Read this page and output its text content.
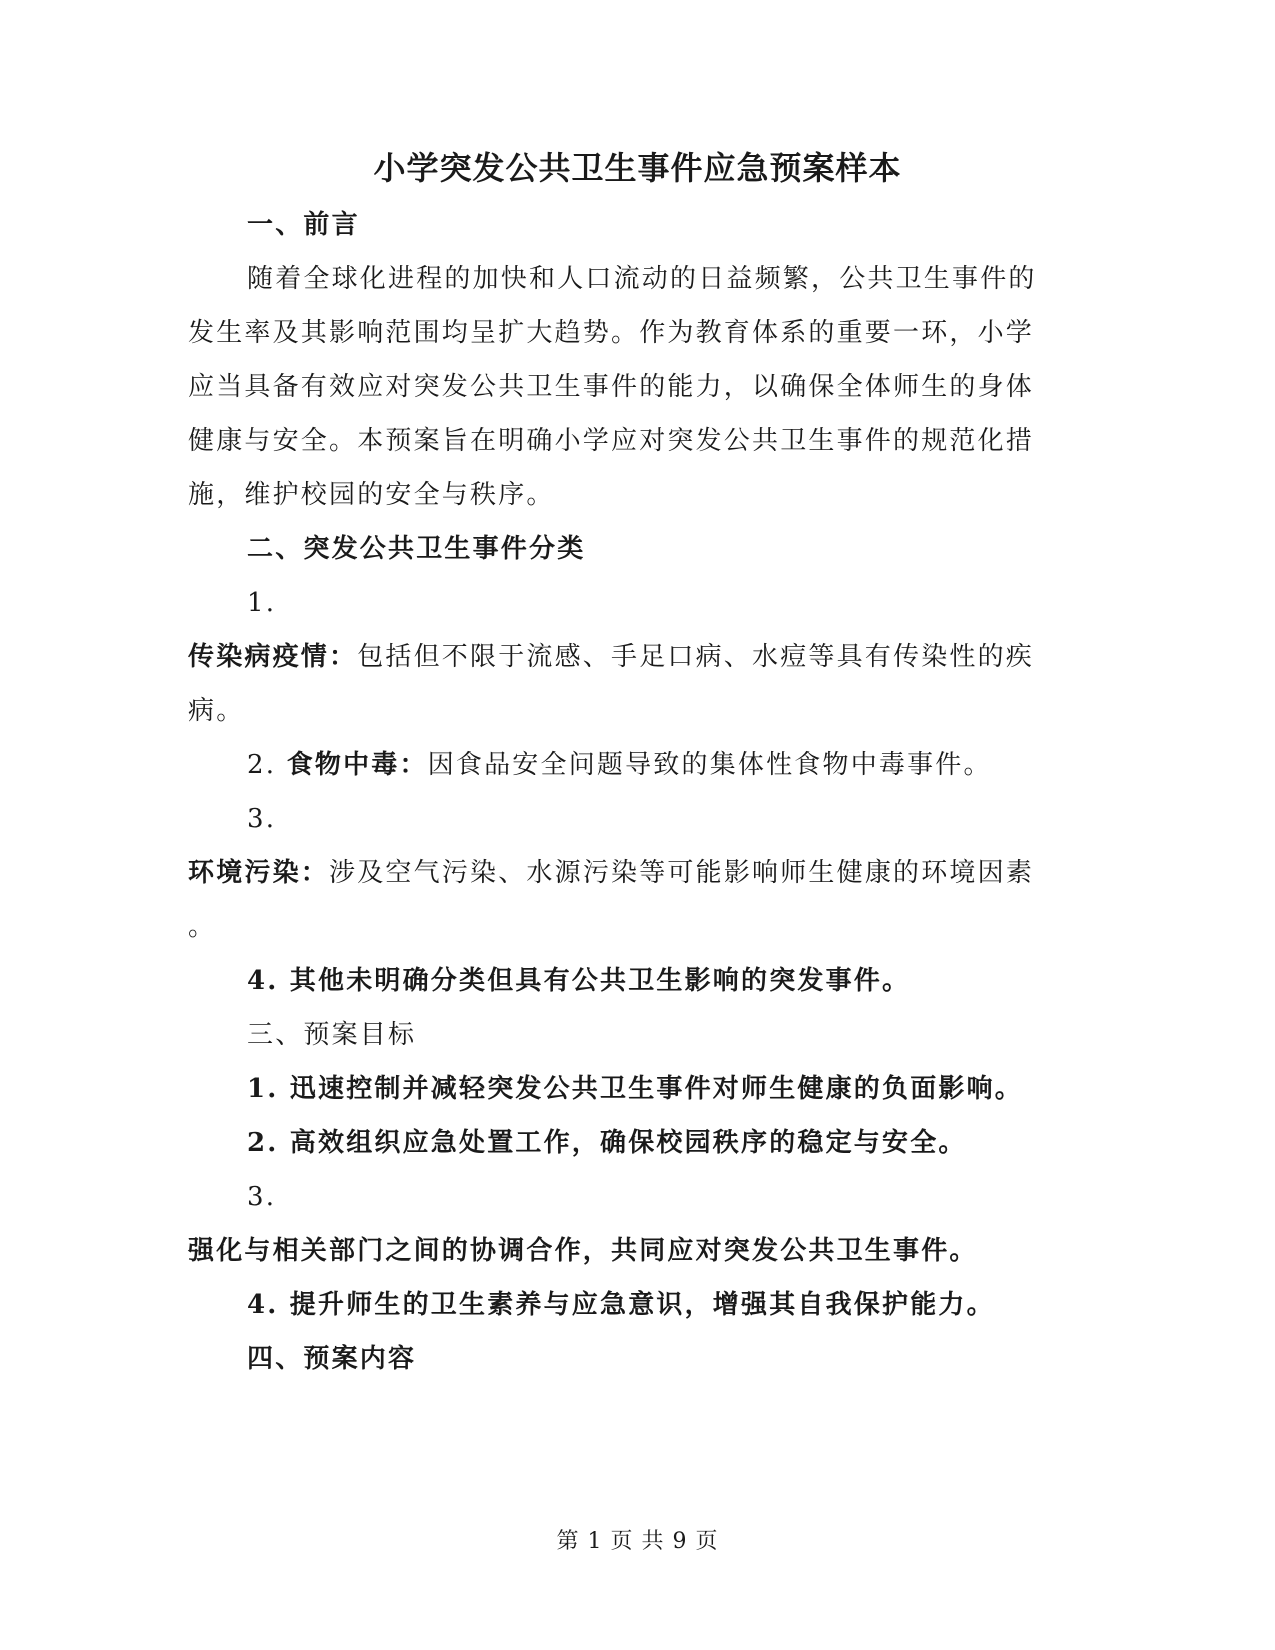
小学突发公共卫生事件应急预案样本
一、前言
随着全球化进程的加快和人口流动的日益频繁，公共卫生事件的
发生率及其影响范围均呈扩大趋势。作为教育体系的重要一环，小学
应当具备有效应对突发公共卫生事件的能力，以确保全体师生的身体
健康与安全。本预案旨在明确小学应对突发公共卫生事件的规范化措
施，维护校园的安全与秩序。
二、突发公共卫生事件分类
1.
传染病疫情：包括但不限于流感、手足口病、水痘等具有传染性的疾
病。
2. 食物中毒：因食品安全问题导致的集体性食物中毒事件。
3.
环境污染：涉及空气污染、水源污染等可能影响师生健康的环境因素
。
4. 其他未明确分类但具有公共卫生影响的突发事件。
三、预案目标
1. 迅速控制并减轻突发公共卫生事件对师生健康的负面影响。
2. 高效组织应急处置工作，确保校园秩序的稳定与安全。
3.
强化与相关部门之间的协调合作，共同应对突发公共卫生事件。
4. 提升师生的卫生素养与应急意识，增强其自我保护能力。
四、预案内容
第 1 页 共 9 页
